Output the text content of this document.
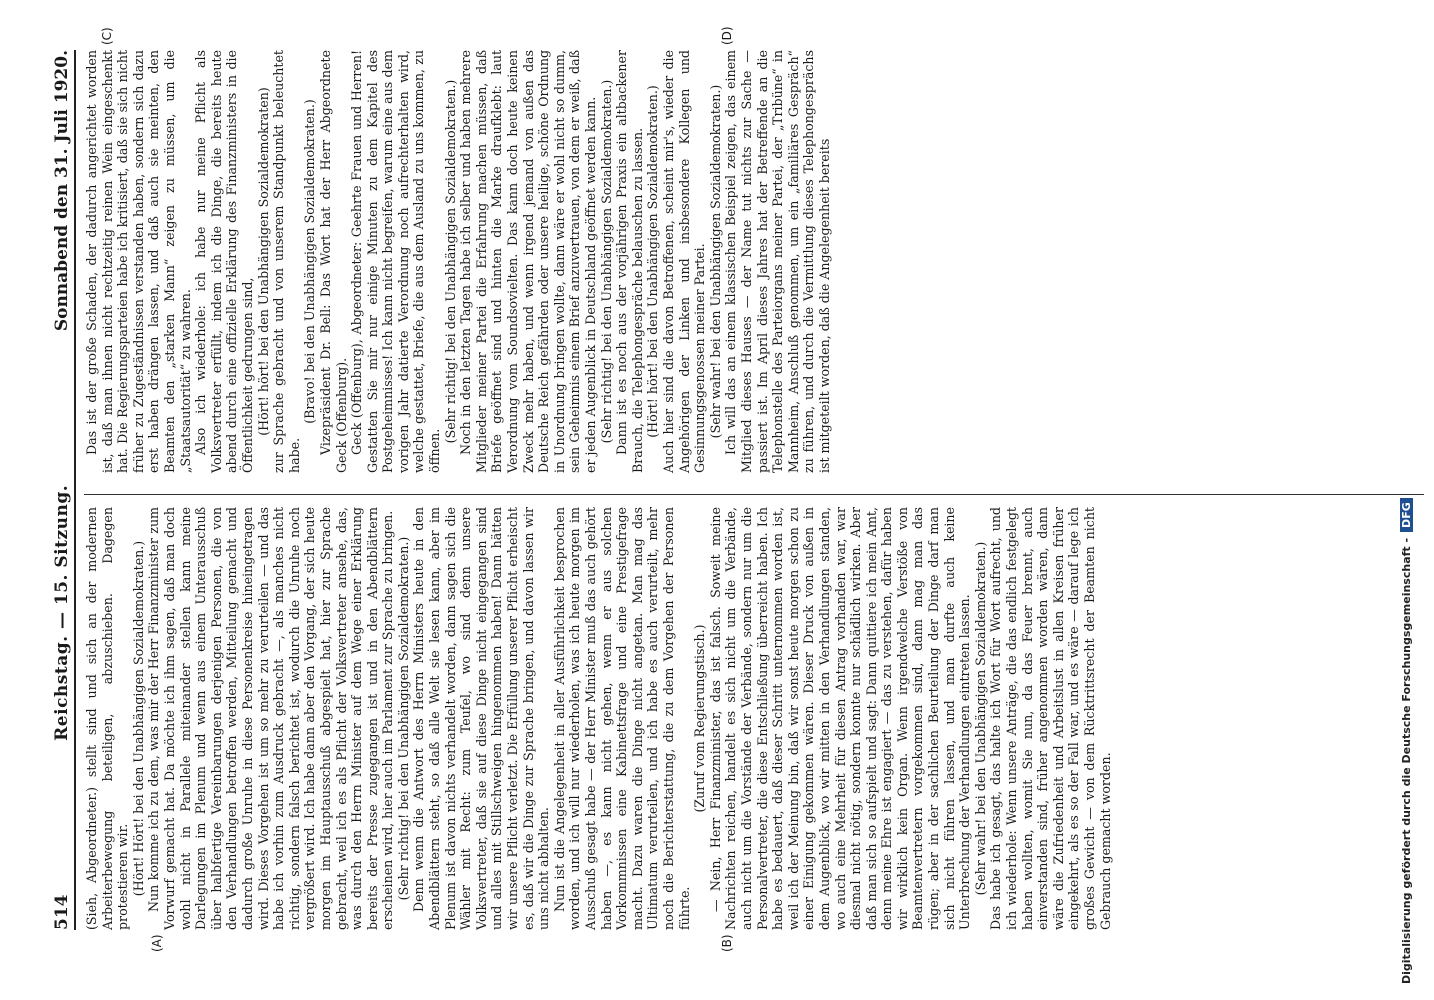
514
Reichstag. — 15. Sitzung.
Sonnabend den 31. Juli 1920.
(A)	(B)
(C)	(D)

(Sieh, Abgeordneter.) stellt sind und sich an der modernen Arbeiterbewegung beteiligen, abzuschieben. Dagegen protestieren wir. (Hört! Hört! bei den Unabhängigen Sozialdemokraten.) Nun komme ich zu dem, was mir der Herr Finanzminister zum Vorwurf gemacht hat. Da möchte ich ihm sagen, daß man doch wohl nicht in Parallele miteinander stellen kann meine Darlegungen im Plenum und wenn aus einem Unterausschuß über halbfertige Vereinbarungen derjenigen Personen, die von den Verhandlungen betroffen werden, Mitteilung gemacht und dadurch große Unruhe in diese Personenkreise hineingetragen wird. Dieses Vorgehen ist um so mehr zu verurteilen — und das habe ich vorhin zum Ausdruck gebracht —, als manches nicht richtig, sondern falsch berichtet ist, wodurch die Unruhe noch vergrößert wird. Ich habe dann aber den Vorgang, der sich heute morgen im Hauptausschuß abgespielt hat, hier zur Sprache gebracht, weil ich es als Pflicht der Volksvertreter ansehe, das, was durch den Herrn Minister auf dem Wege einer Erklärung bereits der Presse zugegangen ist und in den Abendblättern erscheinen wird, hier auch im Parlament zur Sprache zu bringen. (Sehr richtig! bei den Unabhängigen Sozialdemokraten.) Denn wenn die Antwort des Herrn Ministers heute in den Abendblättern steht, so daß alle Welt sie lesen kann, aber im Plenum ist davon nichts verhandelt worden, dann sagen sich die Wähler mit Recht: zum Teufel, wo sind denn unsere Volksvertreter, daß sie auf diese Dinge nicht eingegangen sind und alles mit Stillschweigen hingenommen haben! Dann hätten wir unsere Pflicht verletzt. Die Erfüllung unserer Pflicht erheischt es, daß wir die Dinge zur Sprache bringen, und davon lassen wir uns nicht abhalten. Nun ist die Angelegenheit in aller Ausführlichkeit besprochen worden, und ich will nur wiederholen, was ich heute morgen im Ausschuß gesagt habe — der Herr Minister muß das auch gehört haben —, es kann nicht gehen, wenn er aus solchen Vorkommnissen eine Kabinettsfrage und eine Prestigefrage macht. Dazu waren die Dinge nicht angetan. Man mag das Ultimatum verurteilen, und ich habe es auch verurteilt, mehr noch die Berichterstattung, die zu dem Vorgehen der Personen führte.

(Zuruf vom Regierungstisch.) — Nein, Herr Finanzminister, das ist falsch. Soweit meine Nachrichten reichen, handelt es sich nicht um die Verbände, auch nicht um die Vorstände der Verbände, sondern nur um die Personalvertreter, die diese Entschließung überreicht haben. Ich habe es bedauert, daß dieser Schritt unternommen worden ist, weil ich der Meinung bin, daß wir sonst heute morgen schon zu einer Einigung gekommen wären. Dieser Druck von außen in dem Augenblick, wo wir mitten in den Verhandlungen standen, wo auch eine Mehrheit für diesen Antrag vorhanden war, war diesmal nicht nötig, sondern konnte nur schädlich wirken. Aber daß man sich so aufspielt und sagt: Dann quittiere ich mein Amt, denn meine Ehre ist engagiert — das zu verstehen, dafür haben wir wirklich kein Organ. Wenn irgendwelche Verstöße von Beamtenvertretern vorgekommen sind, dann mag man das rügen; aber in der sachlichen Beurteilung der Dinge darf man sich nicht führen lassen, und man durfte auch keine Unterbrechung der Verhandlungen eintreten lassen. (Sehr wahr! bei den Unabhängigen Sozialdemokraten.) Das habe ich gesagt, das halte ich Wort für Wort aufrecht, und ich wiederhole: Wenn unsere Anträge, die das endlich festgelegt haben wollten, womit Sie nun, da das Feuer brennt, auch einverstanden sind, früher angenommen worden wären, dann wäre die Zufriedenheit und Arbeitslust in allen Kreisen früher eingekehrt, als es so der Fall war, und es wäre — darauf lege ich großes Gewicht — von dem Rücktrittsrecht der Beamten nicht Gebrauch gemacht worden.

Das ist der große Schaden, der dadurch angerichtet worden ist, daß man ihnen nicht rechtzeitig reinen Wein eingeschenkt hat. Die Regierungsparteien habe ich kritisiert, daß sie sich nicht früher zu Zugeständnissen verstanden haben, sondern sich dazu erst haben drängen lassen, und daß auch sie meinten, den Beamten den „starken Mann“ zeigen zu müssen, um die „Staatsautorität“ zu wahren. Also ich wiederhole: ich habe nur meine Pflicht als Volksvertreter erfüllt, indem ich die Dinge, die bereits heute abend durch eine offizielle Erklärung des Finanzministers in die Öffentlichkeit gedrungen sind, (Hört! hört! bei den Unabhängigen Sozialdemokraten) zur Sprache gebracht und von unserem Standpunkt beleuchtet habe.

(Bravo! bei den Unabhängigen Sozialdemokraten.) Vizepräsident Dr. Bell: Das Wort hat der Herr Abgeordnete Geck (Offenburg). Geck (Offenburg), Abgeordneter: Geehrte Frauen und Herren! Gestatten Sie mir nur einige Minuten zu dem Kapitel des Postgeheimnisses! Ich kann nicht begreifen, warum eine aus dem vorigen Jahr datierte Verordnung noch aufrechterhalten wird, welche gestattet, Briefe, die aus dem Ausland zu uns kommen, zu öffnen.

(Sehr richtig! bei den Unabhängigen Sozialdemokraten.) Noch in den letzten Tagen habe ich selber und haben mehrere Mitglieder meiner Partei die Erfahrung machen müssen, daß Briefe geöffnet sind und hinten die Marke draufklebt: laut Verordnung vom Soundsovielten. Das kann doch heute keinen Zweck mehr haben, und wenn irgend jemand von außen das Deutsche Reich gefährden oder unsere heilige, schöne Ordnung in Unordnung bringen wollte, dann wäre er wohl nicht so dumm, sein Geheimnis einem Brief anzuvertrauen, von dem er weiß, daß er jeden Augenblick in Deutschland geöffnet werden kann. (Sehr richtig! bei den Unabhängigen Sozialdemokraten.) Dann ist es noch aus der vorjährigen Praxis ein altbackener Brauch, die Telephongespräche belauschen zu lassen. (Hört! hört! bei den Unabhängigen Sozialdemokraten.) Auch hier sind die davon Betroffenen, scheint mir's, wieder die Angehörigen der Linken und insbesondere Kollegen und Gesinnungsgenossen meiner Partei. (Sehr wahr! bei den Unabhängigen Sozialdemokraten.) Ich will das an einem klassischen Beispiel zeigen, das einem Mitglied dieses Hauses — der Name tut nichts zur Sache — passiert ist. Im April dieses Jahres hat der Betreffende an die Telephonstelle des Parteiorgans meiner Partei, der „Tribüne“ in Mannheim, Anschluß genommen, um ein „familiäres Gespräch“ zu führen, und durch die Vermittlung dieses Telephongesprächs ist mitgeteilt worden, daß die Angelegenheit bereits

Digitalisierung gefördert durch die Deutsche Forschungsgemeinschaft -DFG
